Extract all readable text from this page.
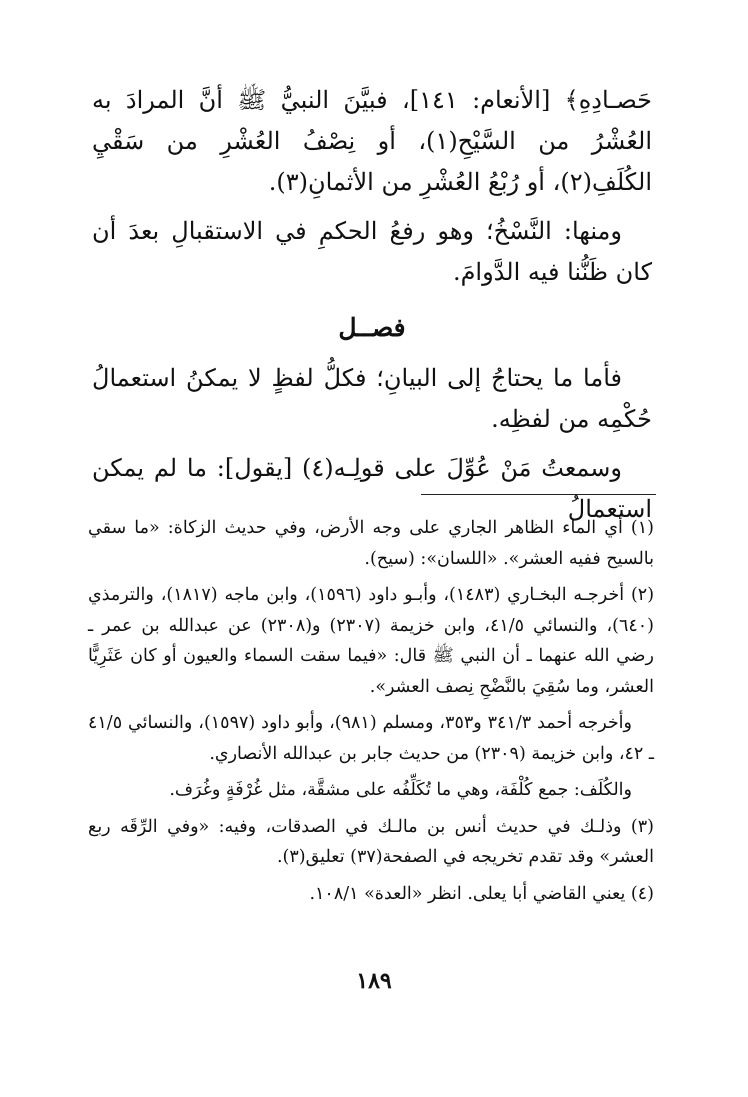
حَصـادِهِ﴾ [الأنعام: ١٤١]، فبيَّنَ النبيُّ ﷺ أنَّ المرادَ به العُشْرُ من السَّيْحِ(١)، أو نِصْفُ العُشْرِ من سَقْيِ الكُلَفِ(٢)، أو رُبْعُ العُشْرِ من الأثمانِ(٣).

ومنها: النَّسْخُ؛ وهو رفعُ الحكمِ في الاستقبالِ بعدَ أن كان ظَنُّنا فيه الدَّوامَ.

فصــل

فأما ما يحتاجُ إلى البيانِ؛ فكلُّ لفظٍ لا يمكنُ استعمالُ حُكْمِه من لفظِه.

وسمعتُ مَنْ عُوِّلَ على قولِـه(٤) [يقول]: ما لم يمكن استعمالُ

(١) أي الماء الظاهر الجاري على وجه الأرض، وفي حديث الزكاة: «ما سقي بالسيح ففيه العشر». «اللسان»: (سيح).

(٢) أخرجـه البخـاري (١٤٨٣)، وأبـو داود (١٥٩٦)، وابن ماجه (١٨١٧)، والترمذي (٦٤٠)، والنسائي ٤١/٥، وابن خزيمة (٢٣٠٧) و(٢٣٠٨) عن عبدالله بن عمر ـ رضي الله عنهما ـ أن النبي ﷺ قال: «فيما سقت السماء والعيون أو كان عَثَرِيًّا العشر، وما سُقِيَ بالنَّضْحِ نِصف العشر».

وأخرجه أحمد ٣٤١/٣ و٣٥٣، ومسلم (٩٨١)، وأبو داود (١٥٩٧)، والنسائي ٤١/٥ ـ ٤٢، وابن خزيمة (٢٣٠٩) من حديث جابر بن عبدالله الأنصاري.

والكُلَف: جمع كُلْفَة، وهي ما تُكَلِّفُه على مشقَّة، مثل غُرْفَةٍ وغُرَف.

(٣) وذلـك في حديث أنس بن مالـك في الصدقات، وفيه: «وفي الرِّقَه ربع العشر» وقد تقدم تخريجه في الصفحة(٣٧) تعليق(٣).

(٤) يعني القاضي أبا يعلى. انظر «العدة» ١٠٨/١.

١٨٩
